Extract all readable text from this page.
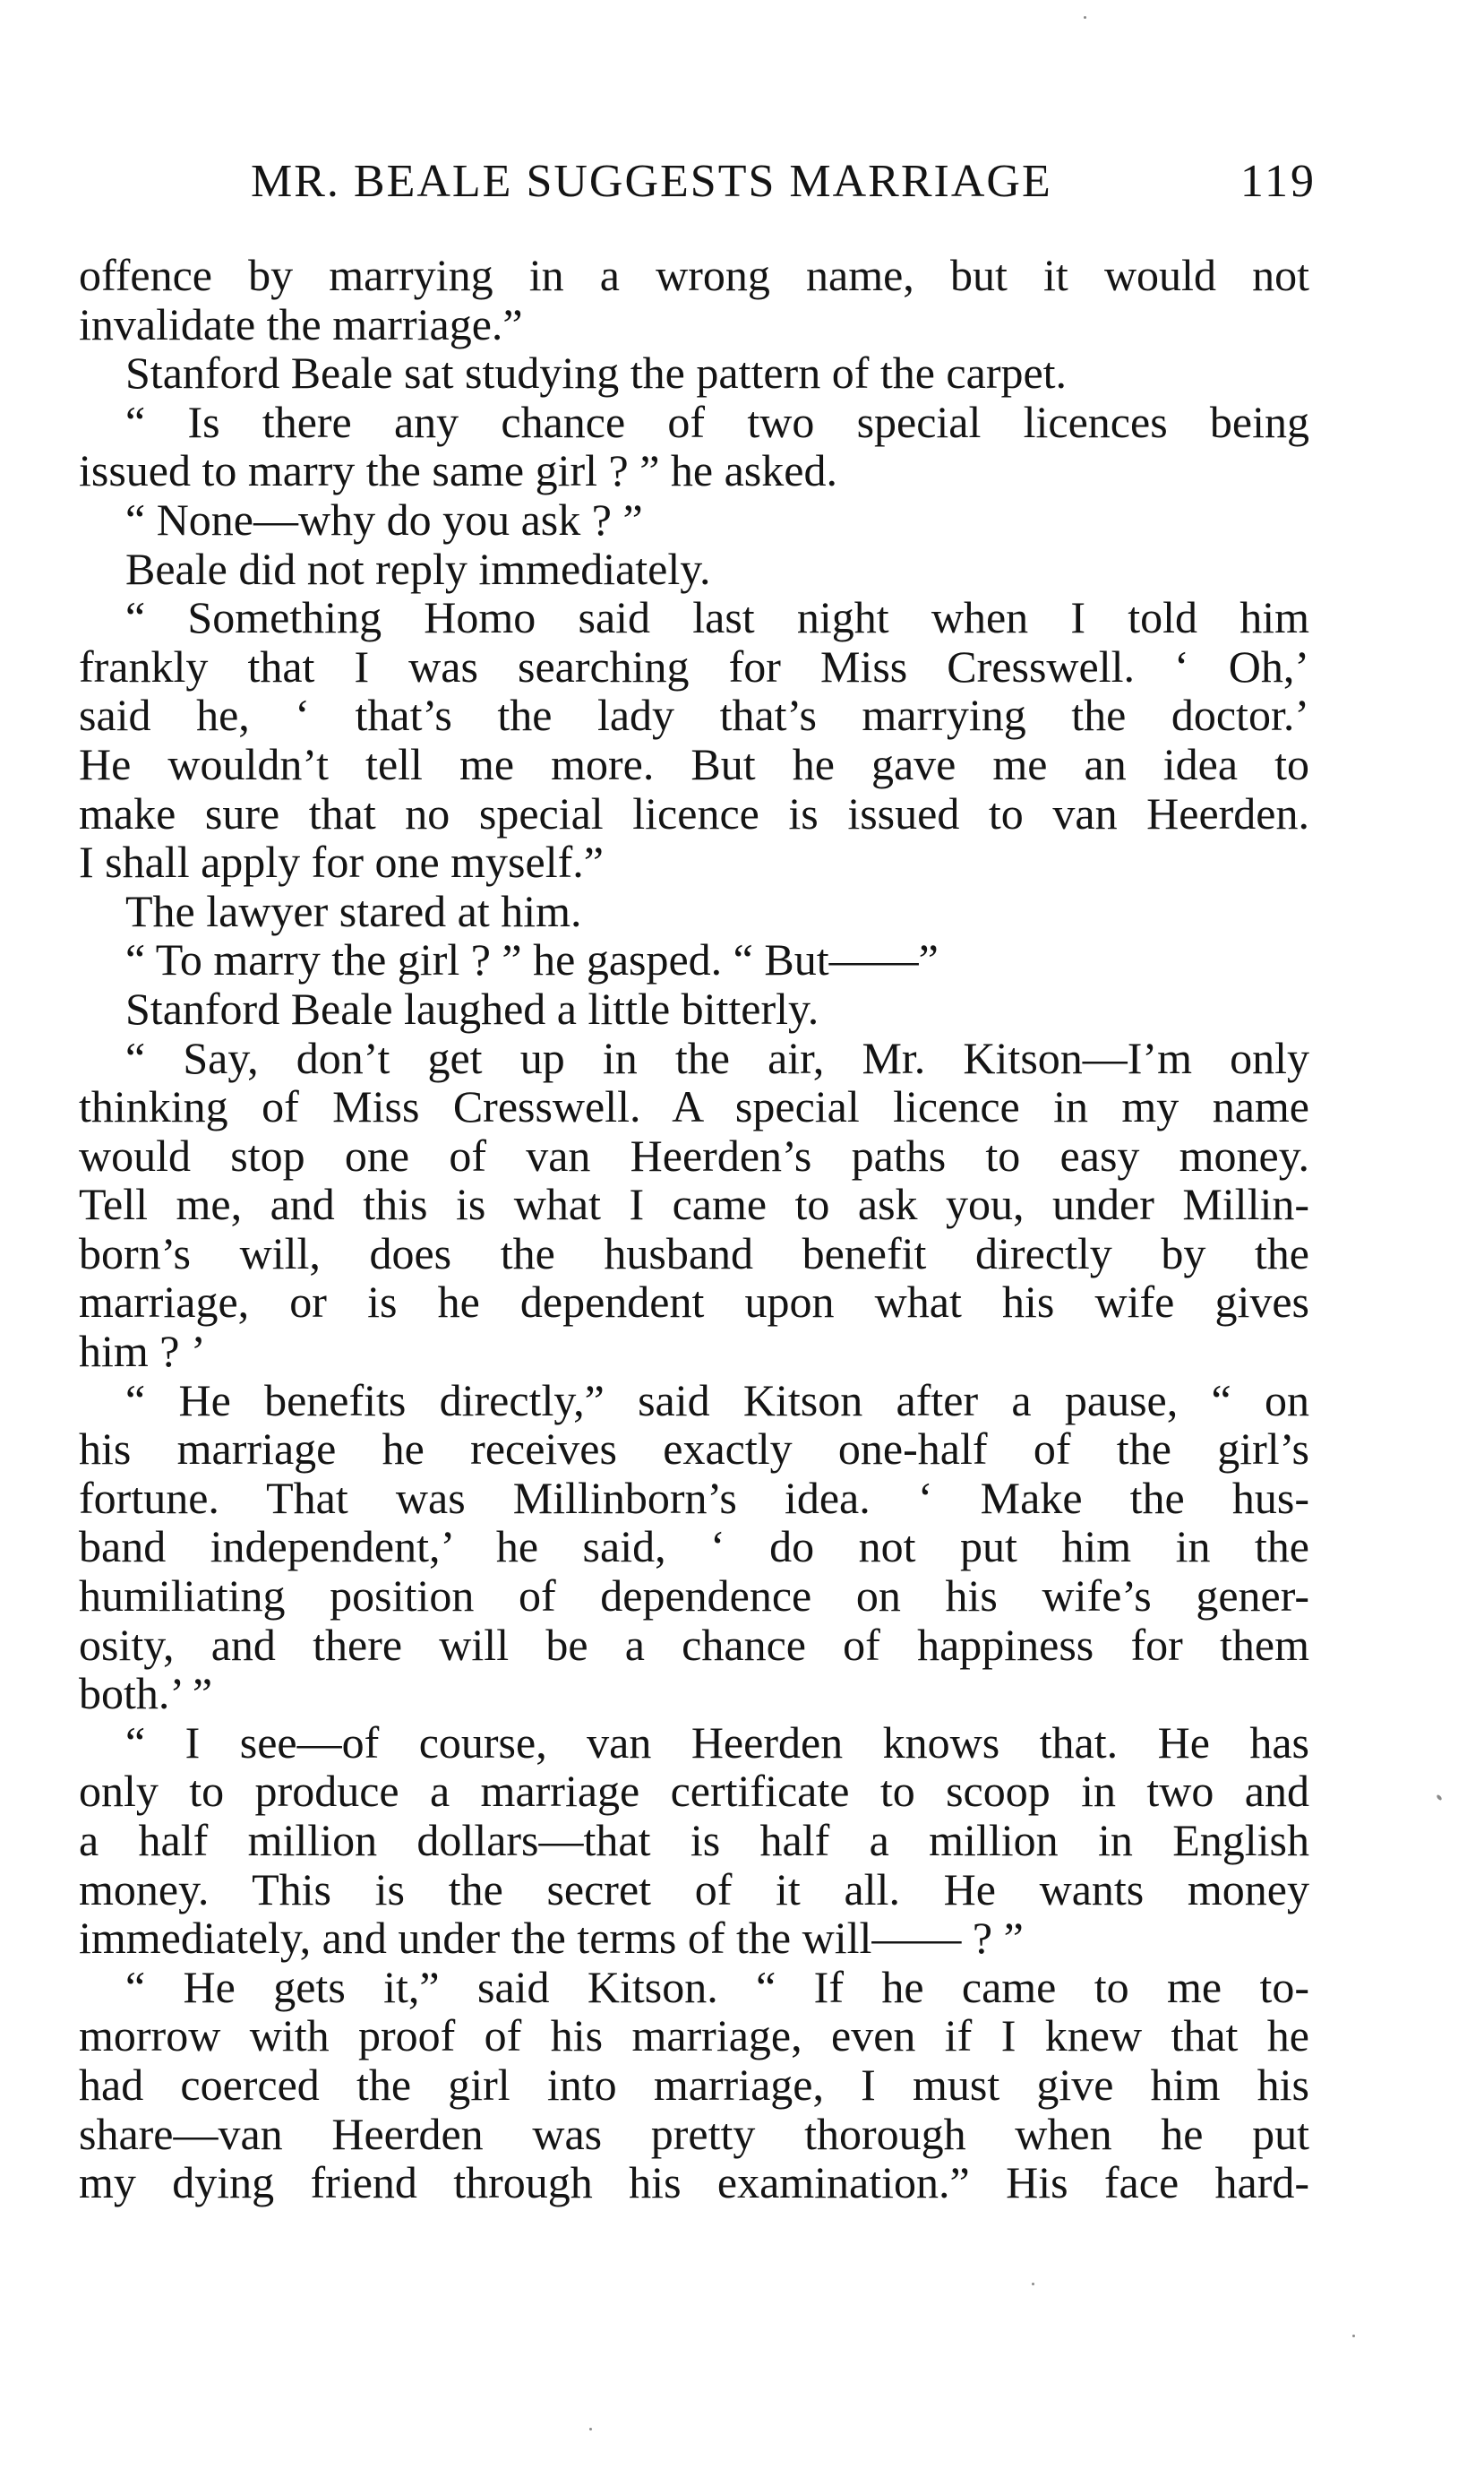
MR. BEALE SUGGESTS MARRIAGE	119
offence by marrying in a wrong name, but it would not
invalidate the marriage.”
Stanford Beale sat studying the pattern of the carpet.
“ Is there any chance of two special licences being
issued to marry the same girl ? ” he asked.
“ None—why do you ask ? ”
Beale did not reply immediately.
“ Something Homo said last night when I told him
frankly that I was searching for Miss Cresswell. ‘ Oh,’
said he, ‘ that’s the lady that’s marrying the doctor.’
He wouldn’t tell me more. But he gave me an idea to
make sure that no special licence is issued to van Heerden.
I shall apply for one myself.”
The lawyer stared at him.
“ To marry the girl ? ” he gasped. “ But——”
Stanford Beale laughed a little bitterly.
“ Say, don’t get up in the air, Mr. Kitson—I’m only
thinking of Miss Cresswell. A special licence in my name
would stop one of van Heerden’s paths to easy money.
Tell me, and this is what I came to ask you, under Millin-
born’s will, does the husband benefit directly by the
marriage, or is he dependent upon what his wife gives
him ? ’
“ He benefits directly,” said Kitson after a pause, “ on
his marriage he receives exactly one-half of the girl’s
fortune. That was Millinborn’s idea. ‘ Make the hus-
band independent,’ he said, ‘ do not put him in the
humiliating position of dependence on his wife’s gener-
osity, and there will be a chance of happiness for them
both.’ ”
“ I see—of course, van Heerden knows that. He has
only to produce a marriage certificate to scoop in two and
a half million dollars—that is half a million in English
money. This is the secret of it all. He wants money
immediately, and under the terms of the will—— ? ”
“ He gets it,” said Kitson. “ If he came to me to-
morrow with proof of his marriage, even if I knew that he
had coerced the girl into marriage, I must give him his
share—van Heerden was pretty thorough when he put
my dying friend through his examination.” His face hard-
